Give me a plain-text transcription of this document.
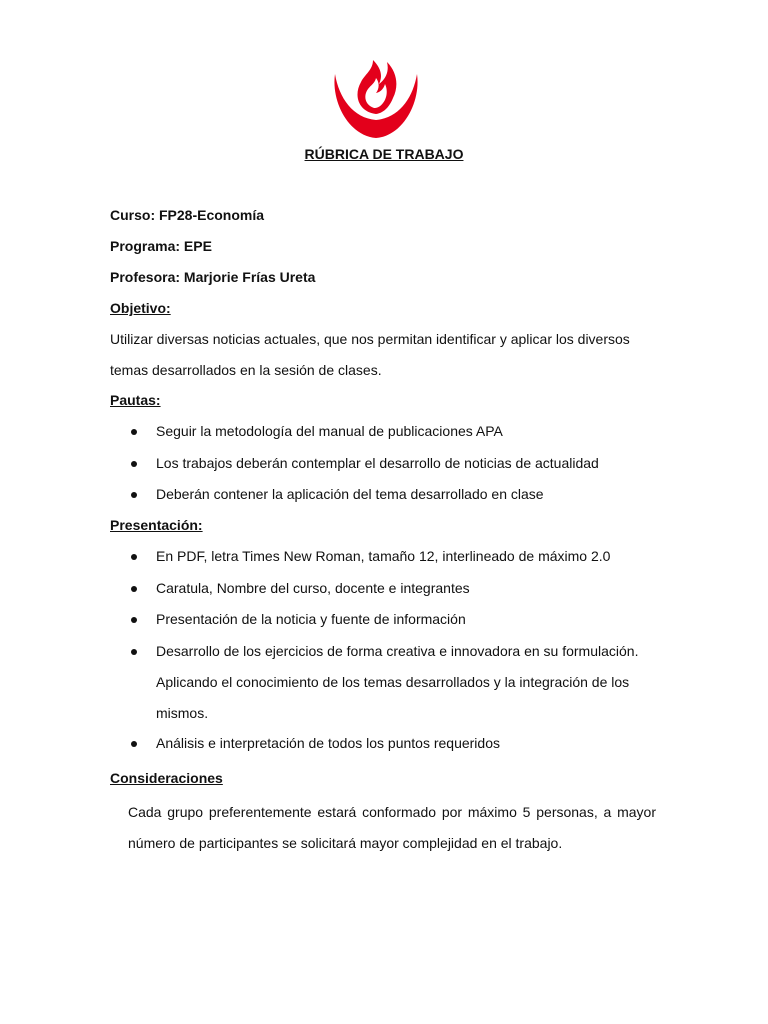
RÚBRICA DE TRABAJO
Curso: FP28-Economía
Programa: EPE
Profesora: Marjorie Frías Ureta
Objetivo:
Utilizar diversas noticias actuales, que nos permitan identificar y aplicar los diversos
temas desarrollados en la sesión de clases.
Pautas:
Seguir la metodología del manual de publicaciones APA
Los trabajos deberán contemplar el desarrollo de noticias de actualidad
Deberán contener la aplicación del tema desarrollado en clase
Presentación:
En PDF, letra Times New Roman, tamaño 12, interlineado de máximo 2.0
Caratula, Nombre del curso, docente e integrantes
Presentación de la noticia y fuente de información
Desarrollo de los ejercicios de forma creativa e innovadora en su formulación.
Aplicando el conocimiento de los temas desarrollados y la integración de los
mismos.
Análisis e interpretación de todos los puntos requeridos
Consideraciones
Cada grupo preferentemente estará conformado por máximo 5 personas, a mayor
número de participantes se solicitará mayor complejidad en el trabajo.
